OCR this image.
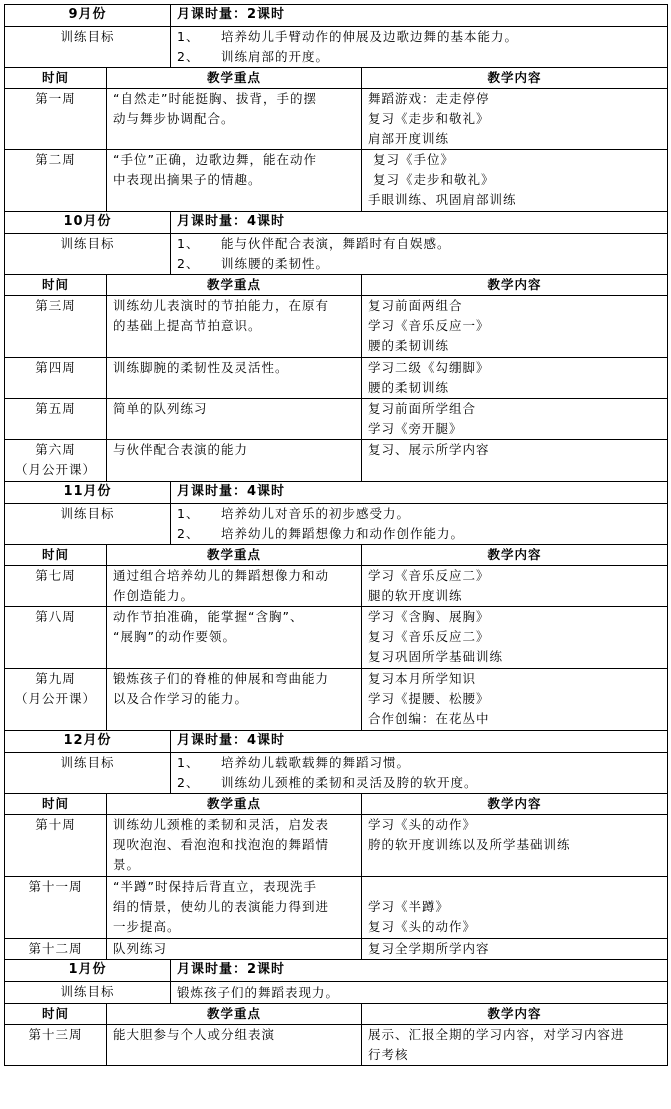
9月份		月课时量：2课时	
训练目标		1、 培养幼儿手臂动作的伸展及边歌边舞的基本能力。
2、 训练肩部的开度。	

时间	教学重点		教学内容

第一周	“自然走”时能挺胸、拔背，手的摆
动与舞步协调配合。		舞蹈游戏：走走停停
复习《走步和敬礼》
肩部开度训练

第二周	“手位”正确，边歌边舞，能在动作
中表现出摘果子的情趣。		复习《手位》
复习《走步和敬礼》
手眼训练、巩固肩部训练

10月份		月课时量：4课时	
训练目标		1、 能与伙伴配合表演，舞蹈时有自娱感。
2、 训练腰的柔韧性。	

时间	教学重点		教学内容

第三周	训练幼儿表演时的节拍能力，在原有
的基础上提高节拍意识。		复习前面两组合
学习《音乐反应一》
腰的柔韧训练

第四周	训练脚腕的柔韧性及灵活性。		学习二级《勾绷脚》
腰的柔韧训练

第五周	简单的队列练习		复习前面所学组合
学习《旁开腿》

第六周
（月公开课）	与伙伴配合表演的能力		复习、展示所学内容

11月份		月课时量：4课时	
训练目标		1、 培养幼儿对音乐的初步感受力。
2、 培养幼儿的舞蹈想像力和动作创作能力。	

时间	教学重点		教学内容

第七周	通过组合培养幼儿的舞蹈想像力和动
作创造能力。		学习《音乐反应二》
腿的软开度训练

第八周	动作节拍准确，能掌握“含胸”、
“展胸”的动作要领。		学习《含胸、展胸》
复习《音乐反应二》
复习巩固所学基础训练

第九周
（月公开课）	锻炼孩子们的脊椎的伸展和弯曲能力
以及合作学习的能力。		复习本月所学知识
学习《提腰、松腰》
合作创编：在花丛中

12月份		月课时量：4课时	
训练目标		1、 培养幼儿载歌载舞的舞蹈习惯。
2、 训练幼儿颈椎的柔韧和灵活及胯的软开度。	

时间	教学重点		教学内容

第十周	训练幼儿颈椎的柔韧和灵活，启发表
现吹泡泡、看泡泡和找泡泡的舞蹈情
景。		学习《头的动作》
胯的软开度训练以及所学基础训练

第十一周	“半蹲”时保持后背直立，表现洗手
绢的情景，使幼儿的表演能力得到进
一步提高。		学习《半蹲》
复习《头的动作》

第十二周	队列练习		复习全学期所学内容

1月份		月课时量：2课时	
训练目标		锻炼孩子们的舞蹈表现力。	

时间	教学重点		教学内容

第十三周	能大胆参与个人或分组表演		展示、汇报全期的学习内容，对学习内容进
行考核
